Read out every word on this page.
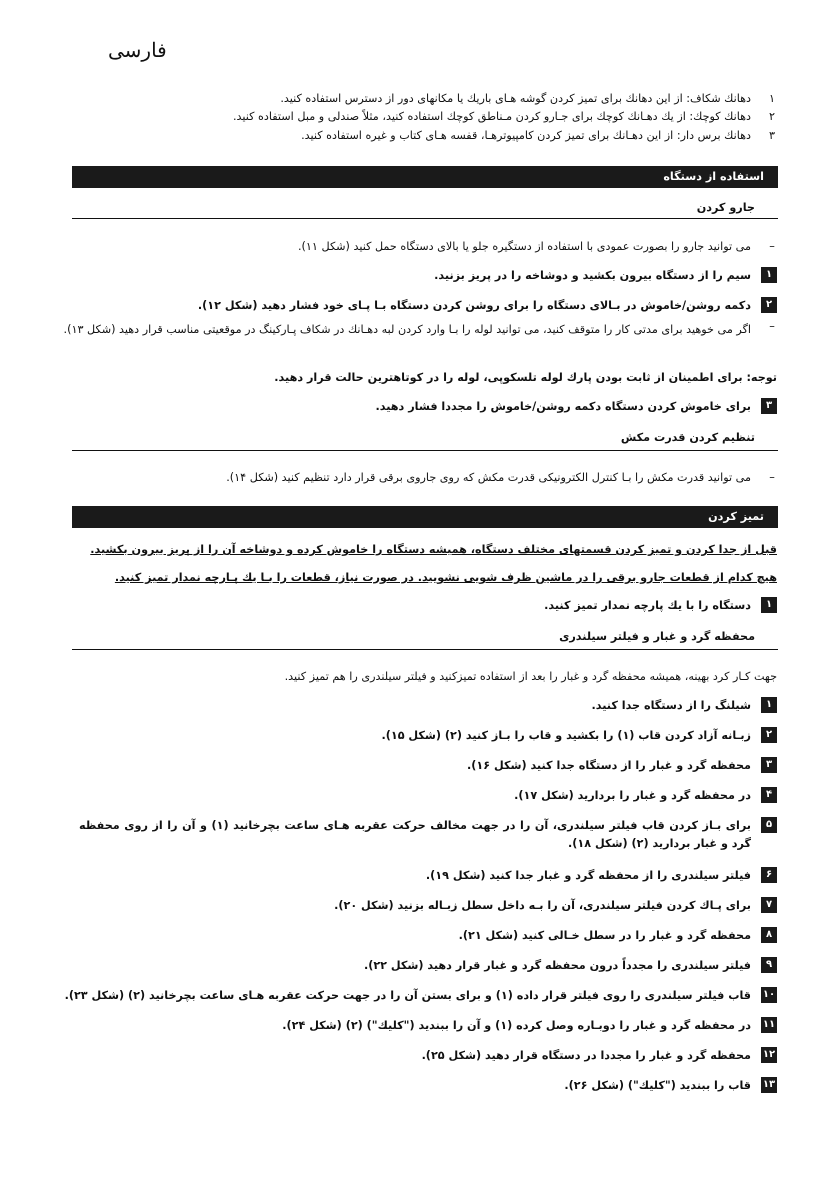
فارسی
۱
دهانك شكاف: از این دهانك برای تمیز كردن گوشه هـای باریك یا مكانهای دور از دسترس استفاده كنید.
۲
دهانك كوچك: از یك دهـانك كوچك برای جـارو كردن مـناطق كوچك استفاده كنید، مثلاً صندلی و مبل استفاده كنید.
۳
دهانك برس دار: از این دهـانك برای تمیز كردن كامپیوترهـا، قفسه هـای كتاب و غیره استفاده كنید.
استفاده از دستگاه
جارو کردن
–
می توانید جارو را بصورت عمودی با استفاده از دستگیره جلو یا بالای دستگاه حمل كنید (شكل ۱۱).
۱
سیم را از دستگاه بیرون بکشید و دوشاخه را در پریز بزنید.
۲
دکمه روشن/خاموش در بـالای دستگاه را برای روشن کردن دستگاه بـا پـای خود فشار دهید (شکل ۱۲).
–
اگر می خوهید برای مدتی كار را متوقف كنید، می توانید لوله را بـا وارد كردن لبه دهـانك در شكاف پـاركینگ در موقعیتی مناسب قرار دهید (شكل ۱۳).
توجه: برای اطمینان از ثابت بودن پارك لوله تلسكوپی، لوله را در كوتاهترین حالت قرار دهید.
۳
برای خاموش كردن دستگاه دكمه روشن/خاموش را مجددا فشار دهید.
تنظیم کردن قدرت مکش
–
می توانید قدرت مکش را بـا کنترل الکترونیکی قدرت مکش که روی جاروی برقی قرار دارد تنظیم کنید (شکل ۱۴).
تمیز کردن
قبل از جدا کردن و تمیز کردن قسمتهای مختلف دستگاه، همیشه دستگاه را خاموش کرده و دوشاخه آن را از پریز بیرون بکشید.
هیچ کدام از قطعات جارو برقی را در ماشین ظرف شویی نشویید. در صورت نیاز، قطعات را بـا یك پـارچه نمدار تمیز كنید.
۱
دستگاه را با یك پارچه نمدار تمیز كنید.
محفظه گرد و غبار و فیلتر سیلندری
جهت كـار كرد بهینه، همیشه محفظه گرد و غبار را بعد از استفاده تمیزكنید و فیلتر سیلندری را هم تمیز كنید.
۱
شیلنگ را از دستگاه جدا كنید.
۲
زبـانه آزاد كردن قاب (۱) را بكشید و قاب را بـاز كنید (۲) (شكل ۱۵).
۳
محفظه گرد و غبار را از دستگاه جدا كنید (شكل ۱۶).
۴
در محفظه گرد و غبار را بردارید (شكل ۱۷).
۵
برای بـاز كردن قاب فیلتر سیلندری، آن را در جهت مخالف حركت عقربه هـای ساعت بچرخانید (۱) و آن را از روی محفظه گرد و غبار بردارید (۲) (شكل ۱۸).
۶
فیلتر سیلندری را از محفظه گرد و غبار جدا كنید (شكل ۱۹).
۷
برای پـاك كردن فیلتر سیلندری، آن را بـه داخل سطل زبـاله بزنید (شكل ۲۰).
۸
محفظه گرد و غبار را در سطل خـالی كنید (شكل ۲۱).
۹
فیلتر سیلندری را مجدداً درون محفظه گرد و غبار قرار دهید (شكل ۲۲).
۱۰
قاب فیلتر سیلندری را روی فیلتر قرار داده (۱) و برای بستن آن را در جهت حركت عقربه هـای ساعت بچرخانید (۲) (شكل ۲۳).
۱۱
در محفظه گرد و غبار را دوبـاره وصل كرده (۱) و آن را ببندید ("كلیك") (۲) (شكل ۲۴).
۱۲
محفظه گرد و غبار را مجددا در دستگاه قرار دهید (شكل ۲۵).
۱۳
قاب را ببندید ("كلیك") (شكل ۲۶).
